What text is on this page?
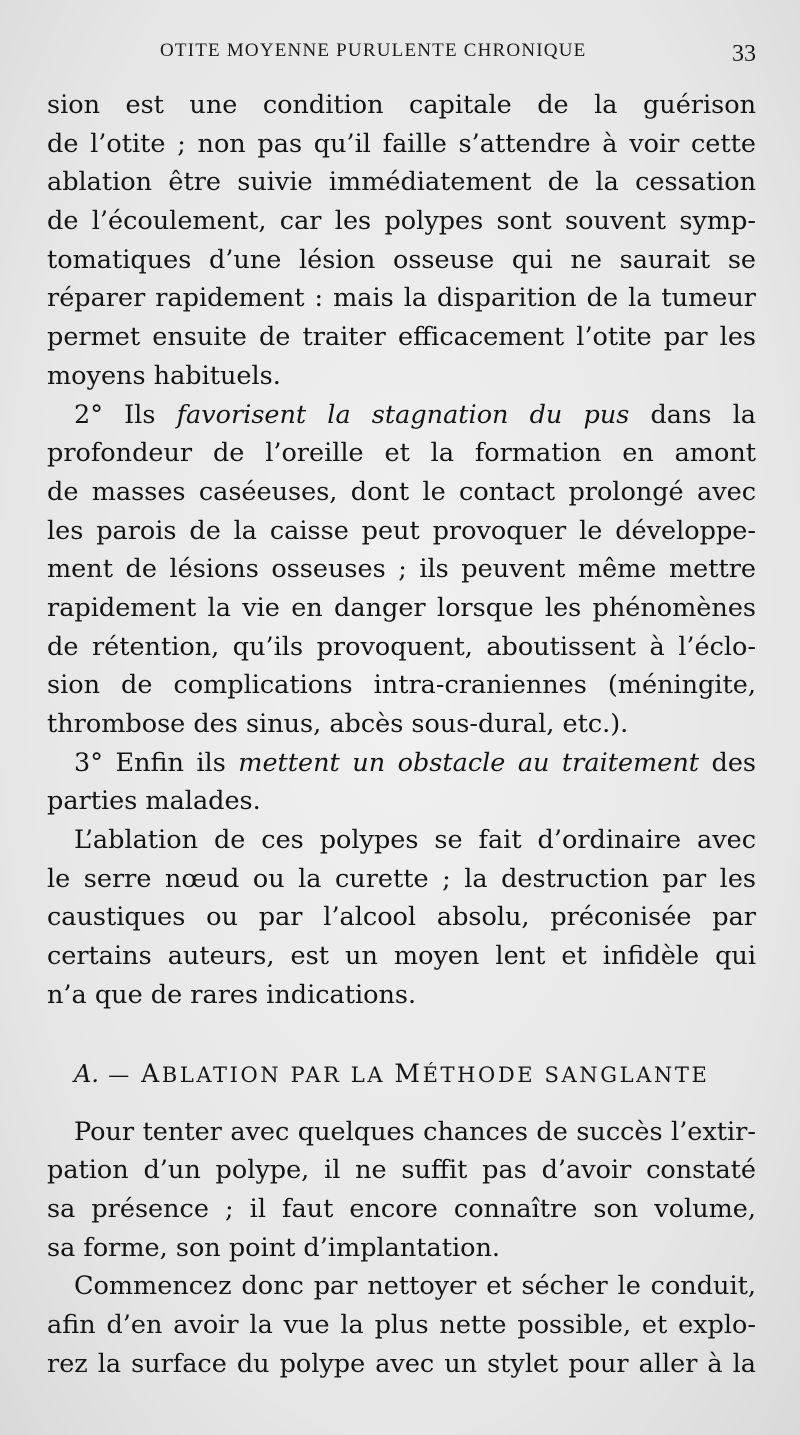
OTITE MOYENNE PURULENTE CHRONIQUE	33
sion est une condition capitale de la guérison
de l’otite ; non pas qu’il faille s’attendre à voir cette
ablation être suivie immédiatement de la cessation
de l’écoulement, car les polypes sont souvent symp-
tomatiques d’une lésion osseuse qui ne saurait se
réparer rapidement : mais la disparition de la tumeur
permet ensuite de traiter efficacement l’otite par les
moyens habituels.
2° Ils favorisent la stagnation du pus dans la
profondeur de l’oreille et la formation en amont
de masses caséeuses, dont le contact prolongé avec
les parois de la caisse peut provoquer le développe-
ment de lésions osseuses ; ils peuvent même mettre
rapidement la vie en danger lorsque les phénomènes
de rétention, qu’ils provoquent, aboutissent à l’éclo-
sion de complications intra-craniennes (méningite,
thrombose des sinus, abcès sous-dural, etc.).
3° Enfin ils mettent un obstacle au traitement des
parties malades.
L’ablation de ces polypes se fait d’ordinaire avec
le serre nœud ou la curette ; la destruction par les
caustiques ou par l’alcool absolu, préconisée par
certains auteurs, est un moyen lent et infidèle qui
n’a que de rares indications.
A. — ABLATION PAR LA MÉTHODE SANGLANTE
Pour tenter avec quelques chances de succès l’extir-
pation d’un polype, il ne suffit pas d’avoir constaté
sa présence ; il faut encore connaître son volume,
sa forme, son point d’implantation.
Commencez donc par nettoyer et sécher le conduit,
afin d’en avoir la vue la plus nette possible, et explo-
rez la surface du polype avec un stylet pour aller à la
